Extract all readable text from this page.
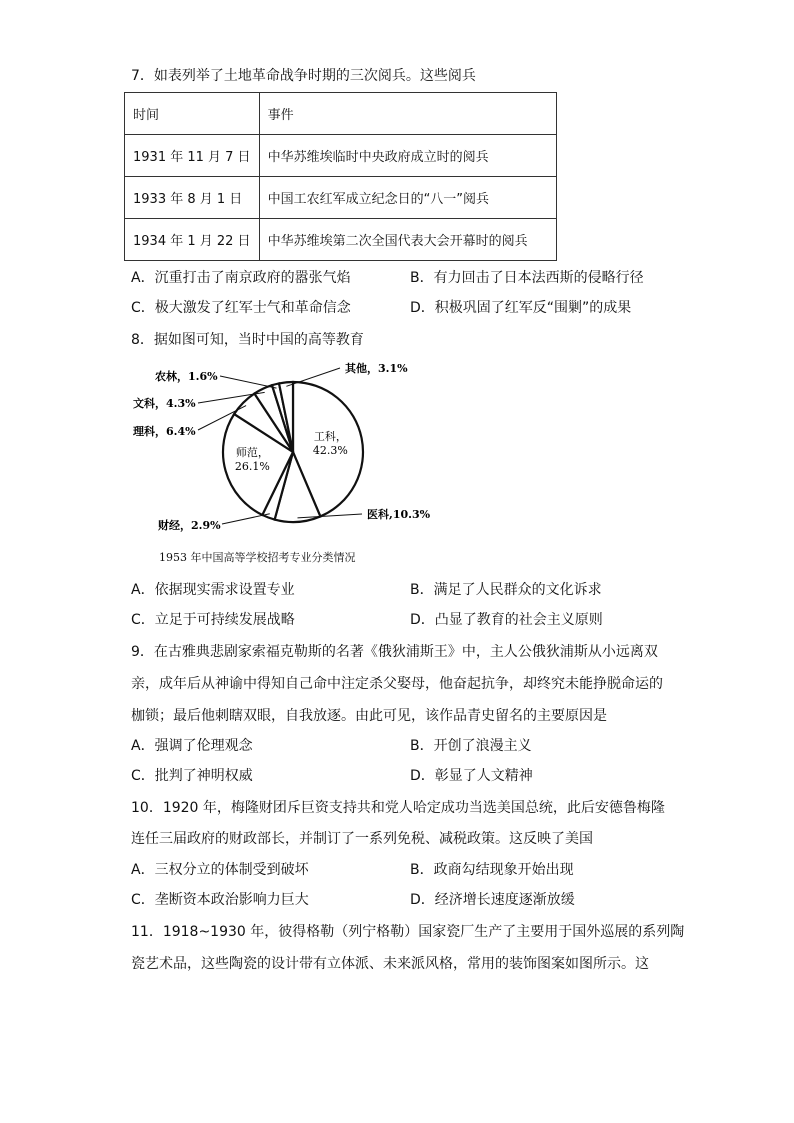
7．如表列举了土地革命战争时期的三次阅兵。这些阅兵
时间	事件
1931 年 11 月 7 日	中华苏维埃临时中央政府成立时的阅兵
1933 年 8 月 1 日	中国工农红军成立纪念日的“八一”阅兵
1934 年 1 月 22 日	中华苏维埃第二次全国代表大会开幕时的阅兵
A．沉重打击了南京政府的嚣张气焰	B．有力回击了日本法西斯的侵略行径
C．极大激发了红军士气和革命信念	D．积极巩固了红军反“围剿”的成果
8．据如图可知，当时中国的高等教育
工科，
42.3%
医科,10.3%
财经，2.9%
师范，
26.1%
理科，6.4%
文科，4.3%
农林，1.6%
其他，3.1%
1953 年中国高等学校招考专业分类情况
A．依据现实需求设置专业	B．满足了人民群众的文化诉求
C．立足于可持续发展战略	D．凸显了教育的社会主义原则
9．在古雅典悲剧家索福克勒斯的名著《俄狄浦斯王》中，主人公俄狄浦斯从小远离双
亲，成年后从神谕中得知自己命中注定杀父娶母，他奋起抗争，却终究未能挣脱命运的
枷锁；最后他刺瞎双眼，自我放逐。由此可见，该作品青史留名的主要原因是
A．强调了伦理观念	B．开创了浪漫主义
C．批判了神明权威	D．彰显了人文精神
10．1920 年，梅隆财团斥巨资支持共和党人哈定成功当选美国总统，此后安德鲁梅隆
连任三届政府的财政部长，并制订了一系列免税、减税政策。这反映了美国
A．三权分立的体制受到破坏	B．政商勾结现象开始出现
C．垄断资本政治影响力巨大	D．经济增长速度逐渐放缓
11．1918~1930 年，彼得格勒（列宁格勒）国家瓷厂生产了主要用于国外巡展的系列陶
瓷艺术品，这些陶瓷的设计带有立体派、未来派风格，常用的装饰图案如图所示。这
